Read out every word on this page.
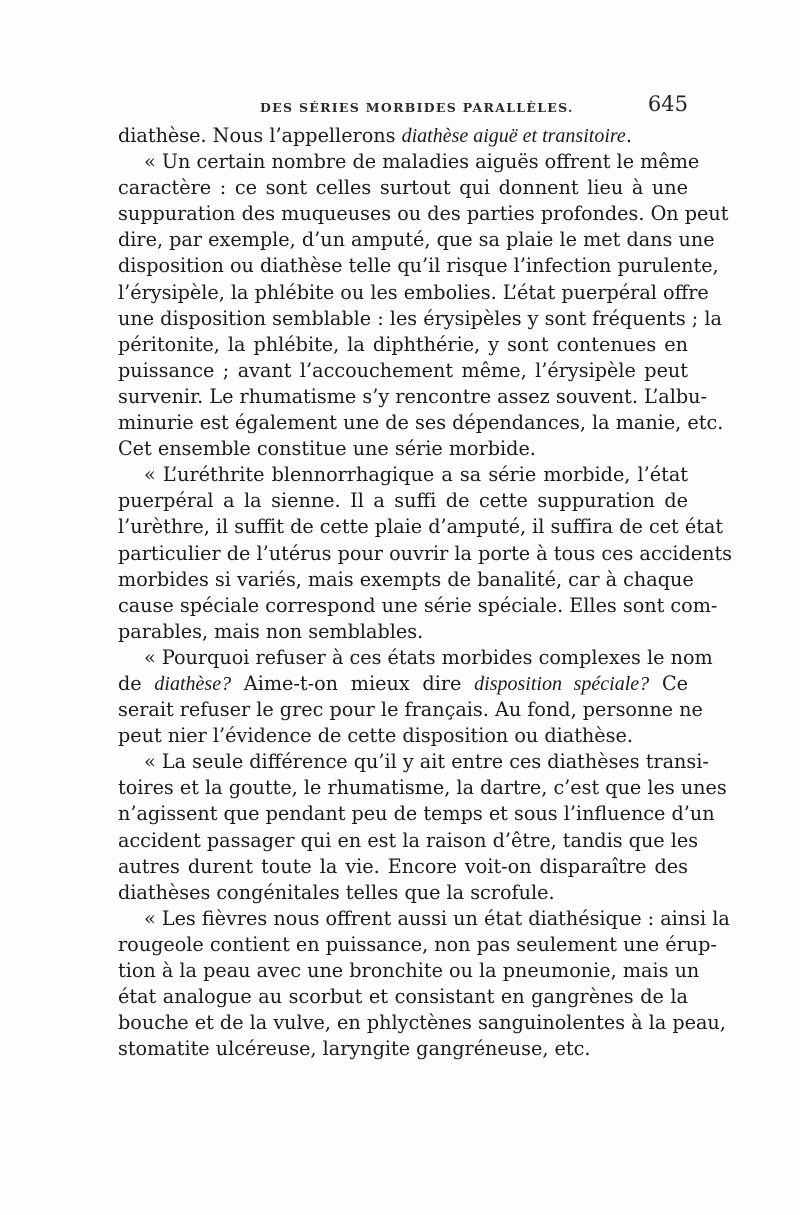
DES SÉRIES MORBIDES PARALLÈLES.	645
diathèse. Nous l’appellerons diathèse aiguë et transitoire.
« Un certain nombre de maladies aiguës offrent le même
caractère : ce sont celles surtout qui donnent lieu à une
suppuration des muqueuses ou des parties profondes. On peut
dire, par exemple, d’un amputé, que sa plaie le met dans une
disposition ou diathèse telle qu’il risque l’infection purulente,
l’érysipèle, la phlébite ou les embolies. L’état puerpéral offre
une disposition semblable : les érysipèles y sont fréquents ; la
péritonite, la phlébite, la diphthérie, y sont contenues en
puissance ; avant l’accouchement même, l’érysipèle peut
survenir. Le rhumatisme s’y rencontre assez souvent. L’albu-
minurie est également une de ses dépendances, la manie, etc.
Cet ensemble constitue une série morbide.
« L’uréthrite blennorrhagique a sa série morbide, l’état
puerpéral a la sienne. Il a suffi de cette suppuration de
l’urèthre, il suffit de cette plaie d’amputé, il suffira de cet état
particulier de l’utérus pour ouvrir la porte à tous ces accidents
morbides si variés, mais exempts de banalité, car à chaque
cause spéciale correspond une série spéciale. Elles sont com-
parables, mais non semblables.
« Pourquoi refuser à ces états morbides complexes le nom
de diathèse? Aime-t-on mieux dire disposition spéciale? Ce
serait refuser le grec pour le français. Au fond, personne ne
peut nier l’évidence de cette disposition ou diathèse.
« La seule différence qu’il y ait entre ces diathèses transi-
toires et la goutte, le rhumatisme, la dartre, c’est que les unes
n’agissent que pendant peu de temps et sous l’influence d’un
accident passager qui en est la raison d’être, tandis que les
autres durent toute la vie. Encore voit-on disparaître des
diathèses congénitales telles que la scrofule.
« Les fièvres nous offrent aussi un état diathésique : ainsi la
rougeole contient en puissance, non pas seulement une érup-
tion à la peau avec une bronchite ou la pneumonie, mais un
état analogue au scorbut et consistant en gangrènes de la
bouche et de la vulve, en phlyctènes sanguinolentes à la peau,
stomatite ulcéreuse, laryngite gangréneuse, etc.
